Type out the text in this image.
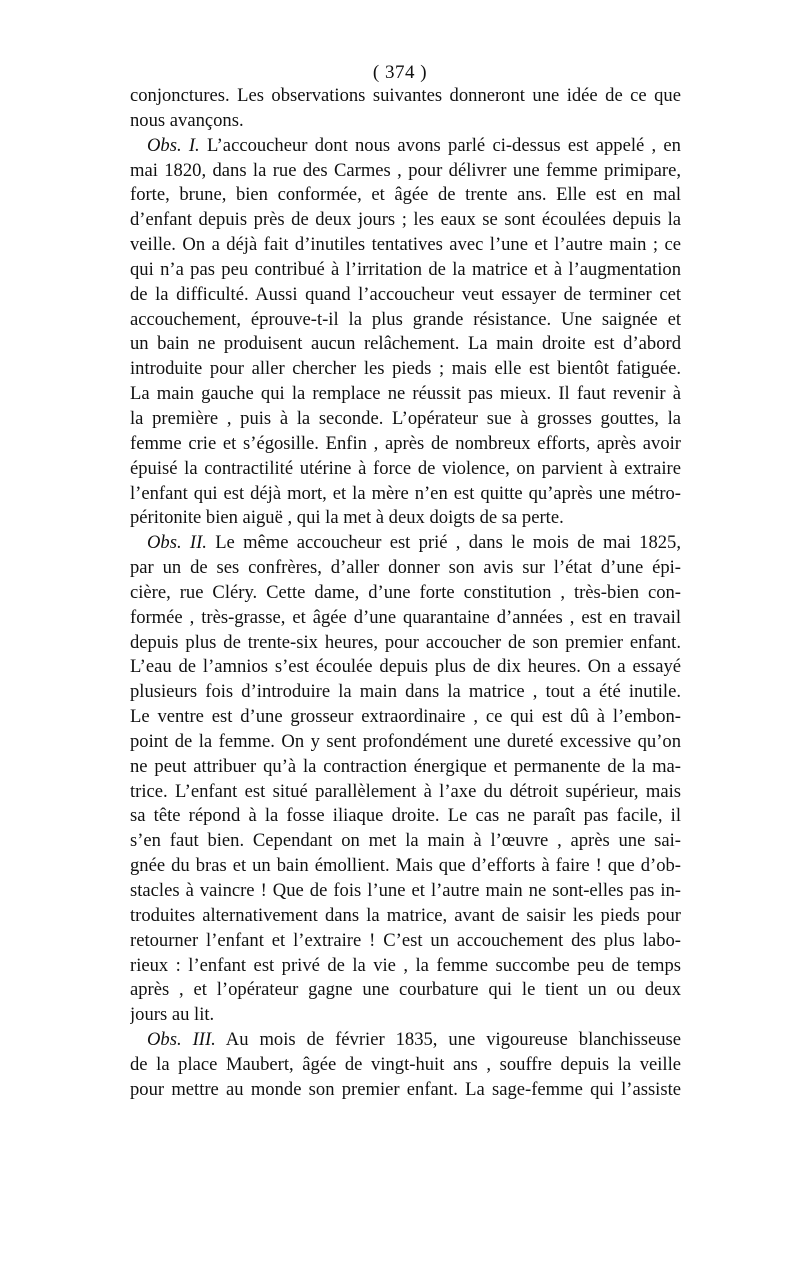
( 374 )
conjonctures. Les observations suivantes donneront une idée de ce que
nous avançons.
Obs. I. L’accoucheur dont nous avons parlé ci-dessus est appelé , en
mai 1820, dans la rue des Carmes , pour délivrer une femme primipare,
forte, brune, bien conformée, et âgée de trente ans. Elle est en mal
d’enfant depuis près de deux jours ; les eaux se sont écoulées depuis la
veille. On a déjà fait d’inutiles tentatives avec l’une et l’autre main ; ce
qui n’a pas peu contribué à l’irritation de la matrice et à l’augmentation
de la difficulté. Aussi quand l’accoucheur veut essayer de terminer cet
accouchement, éprouve-t-il la plus grande résistance. Une saignée et
un bain ne produisent aucun relâchement. La main droite est d’abord
introduite pour aller chercher les pieds ; mais elle est bientôt fatiguée.
La main gauche qui la remplace ne réussit pas mieux. Il faut revenir à
la première , puis à la seconde. L’opérateur sue à grosses gouttes, la
femme crie et s’égosille. Enfin , après de nombreux efforts, après avoir
épuisé la contractilité utérine à force de violence, on parvient à extraire
l’enfant qui est déjà mort, et la mère n’en est quitte qu’après une métro-
péritonite bien aiguë , qui la met à deux doigts de sa perte.
Obs. II. Le même accoucheur est prié , dans le mois de mai 1825,
par un de ses confrères, d’aller donner son avis sur l’état d’une épi-
cière, rue Cléry. Cette dame, d’une forte constitution , très-bien con-
formée , très-grasse, et âgée d’une quarantaine d’années , est en travail
depuis plus de trente-six heures, pour accoucher de son premier enfant.
L’eau de l’amnios s’est écoulée depuis plus de dix heures. On a essayé
plusieurs fois d’introduire la main dans la matrice , tout a été inutile.
Le ventre est d’une grosseur extraordinaire , ce qui est dû à l’embon-
point de la femme. On y sent profondément une dureté excessive qu’on
ne peut attribuer qu’à la contraction énergique et permanente de la ma-
trice. L’enfant est situé parallèlement à l’axe du détroit supérieur, mais
sa tête répond à la fosse iliaque droite. Le cas ne paraît pas facile, il
s’en faut bien. Cependant on met la main à l’œuvre , après une sai-
gnée du bras et un bain émollient. Mais que d’efforts à faire ! que d’ob-
stacles à vaincre ! Que de fois l’une et l’autre main ne sont-elles pas in-
troduites alternativement dans la matrice, avant de saisir les pieds pour
retourner l’enfant et l’extraire ! C’est un accouchement des plus labo-
rieux : l’enfant est privé de la vie , la femme succombe peu de temps
après , et l’opérateur gagne une courbature qui le tient un ou deux
jours au lit.
Obs. III. Au mois de février 1835, une vigoureuse blanchisseuse
de la place Maubert, âgée de vingt-huit ans , souffre depuis la veille
pour mettre au monde son premier enfant. La sage-femme qui l’assiste
